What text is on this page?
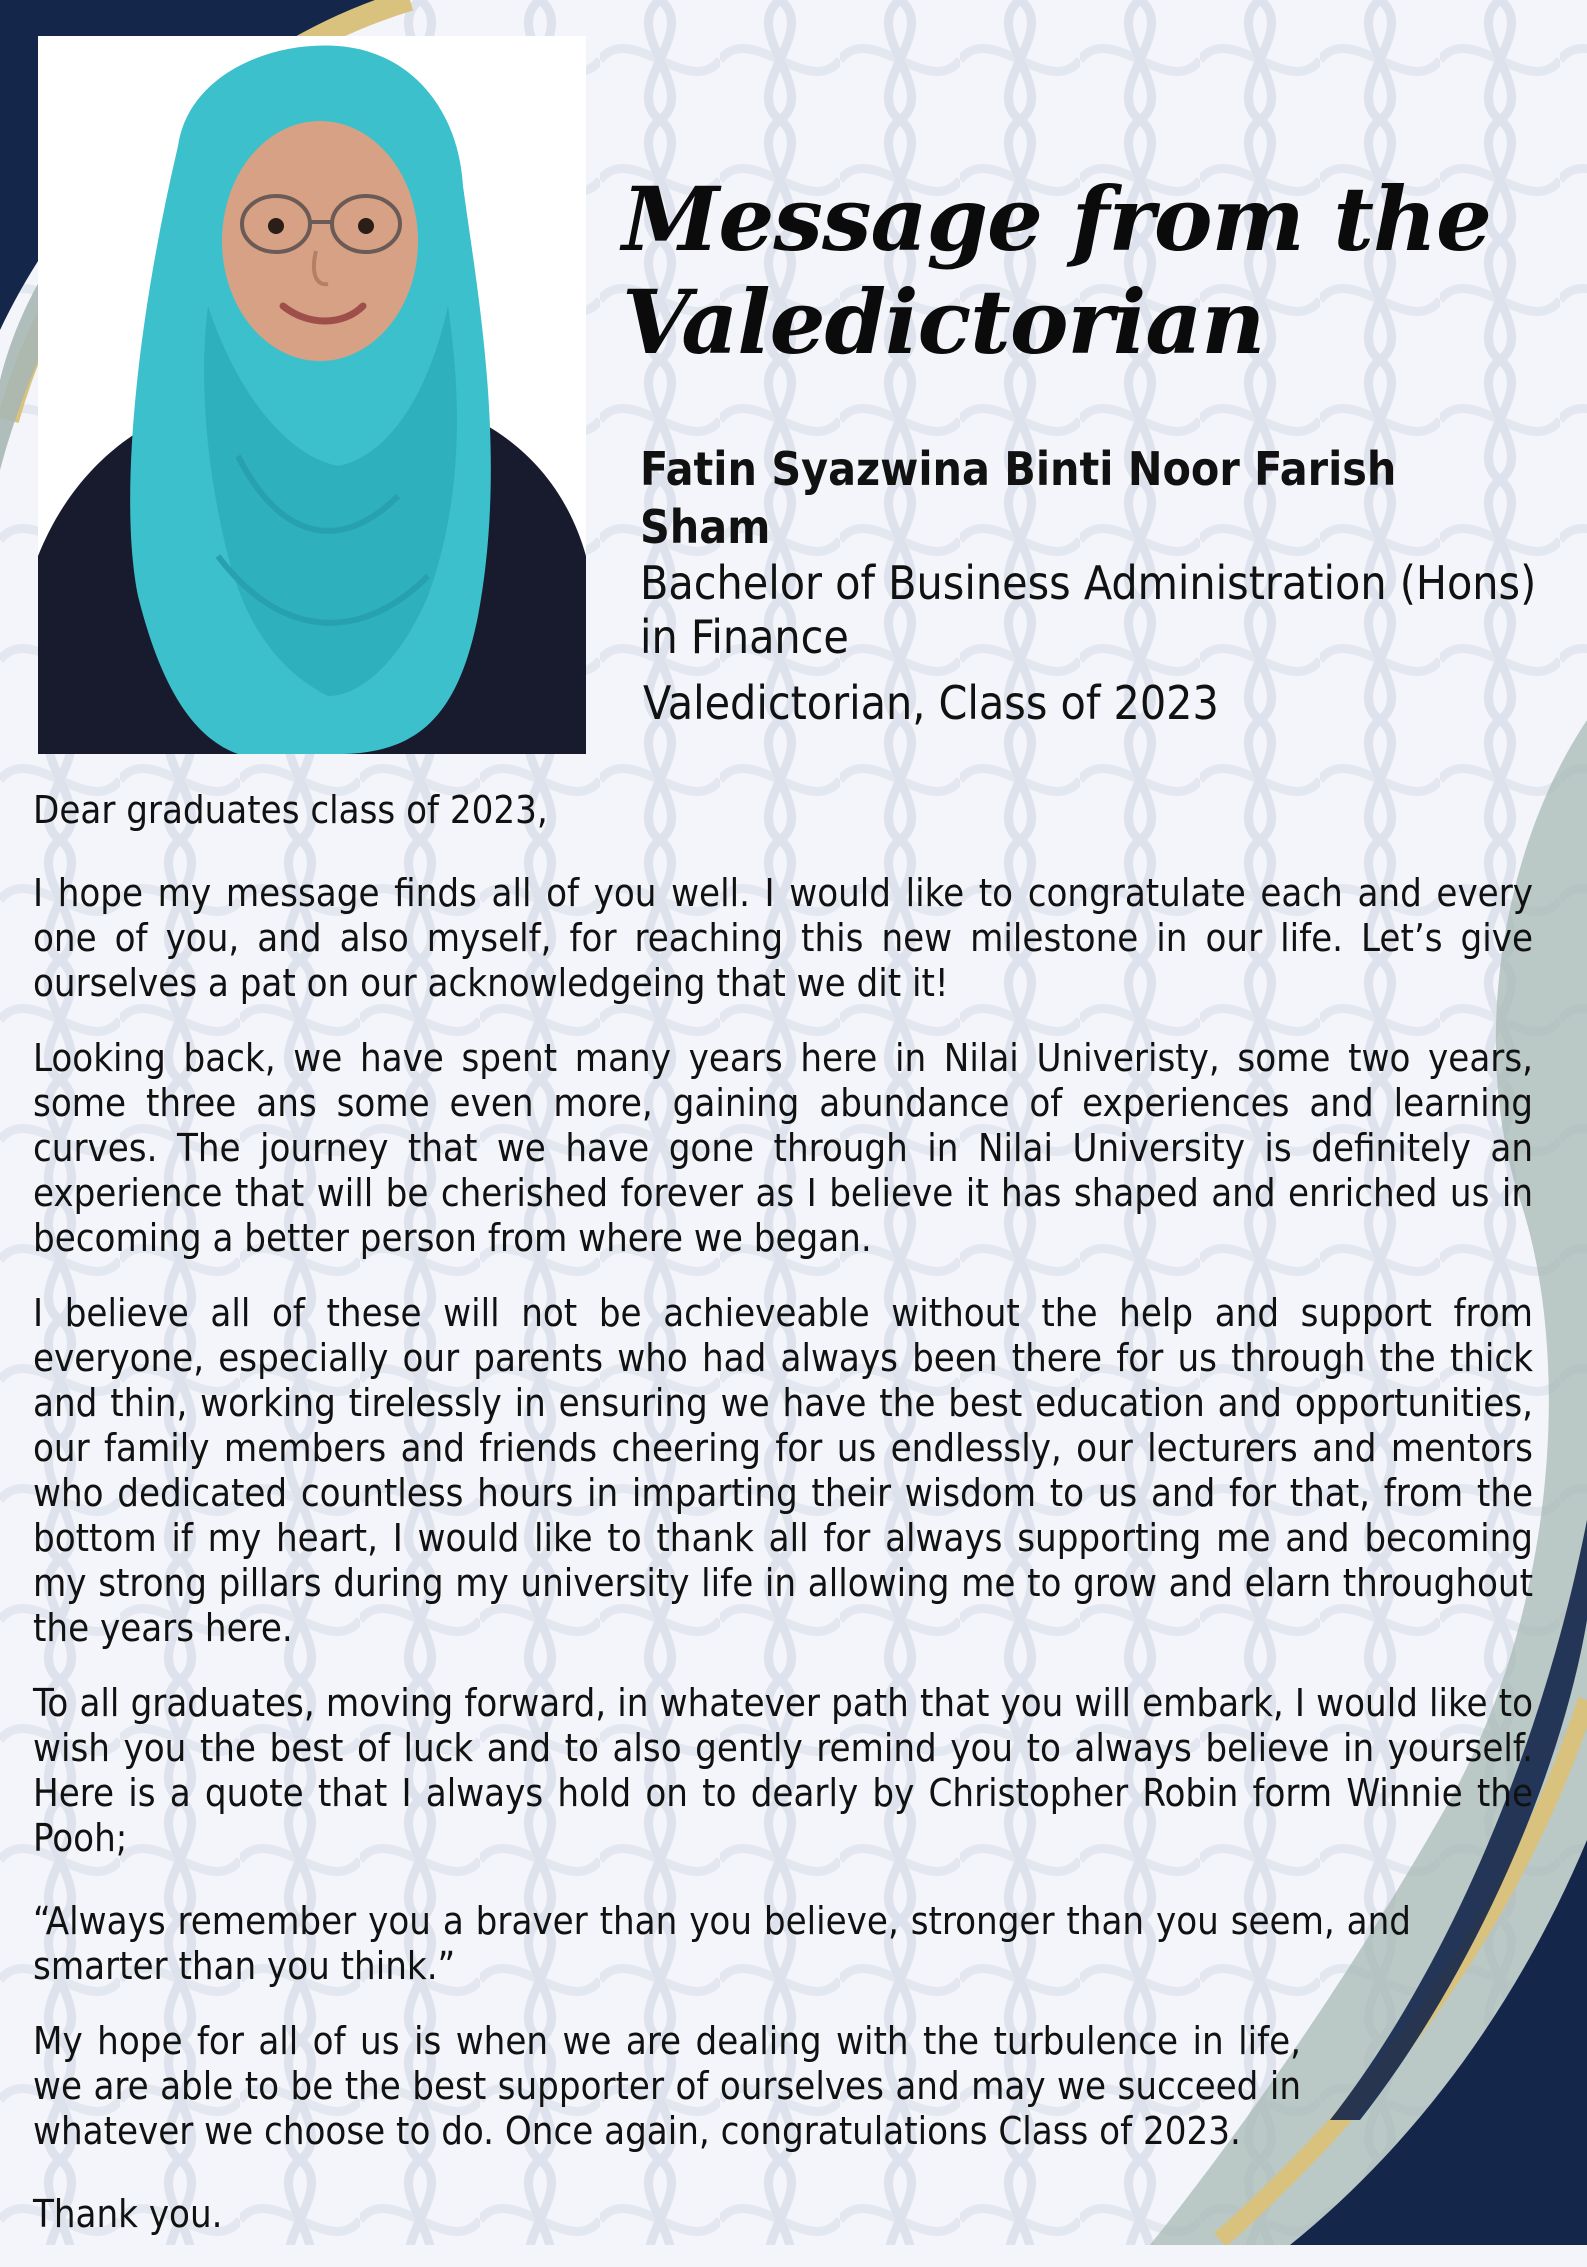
Message from the
Valedictorian
Fatin Syazwina Binti Noor Farish Sham
Bachelor of Business Administration (Hons)
in Finance
Valedictorian, Class of 2023

Dear graduates class of 2023,

I hope my message finds all of you well. I would like to congratulate each and every one of you, and also myself, for reaching this new milestone in our life. Let’s give ourselves a pat on our acknowledgeing that we dit it!

Looking back, we have spent many years here in Nilai Univeristy, some two years, some three ans some even more, gaining abundance of experiences and learning curves. The journey that we have gone through in Nilai University is definitely an experience that will be cherished forever as I believe it has shaped and enriched us in becoming a better person from where we began.

I believe all of these will not be achieveable without the help and support from everyone, especially our parents who had always been there for us through the thick and thin, working tirelessly in ensuring we have the best education and opportunities, our family members and friends cheering for us endlessly, our lecturers and mentors who dedicated countless hours in imparting their wisdom to us and for that, from the bottom if my heart, I would like to thank all for always supporting me and becoming my strong pillars during my university life in allowing me to grow and elarn throughout the years here.

To all graduates, moving forward, in whatever path that you will embark, I would like to wish you the best of luck and to also gently remind you to always believe in yourself. Here is a quote that I always hold on to dearly by Christopher Robin form Winnie the Pooh;

“Always remember you a braver than you believe, stronger than you seem, and smarter than you think.”

My hope for all of us is when we are dealing with the turbulence in life, we are able to be the best supporter of ourselves and may we succeed in whatever we choose to do. Once again, congratulations Class of 2023.

Thank you.
